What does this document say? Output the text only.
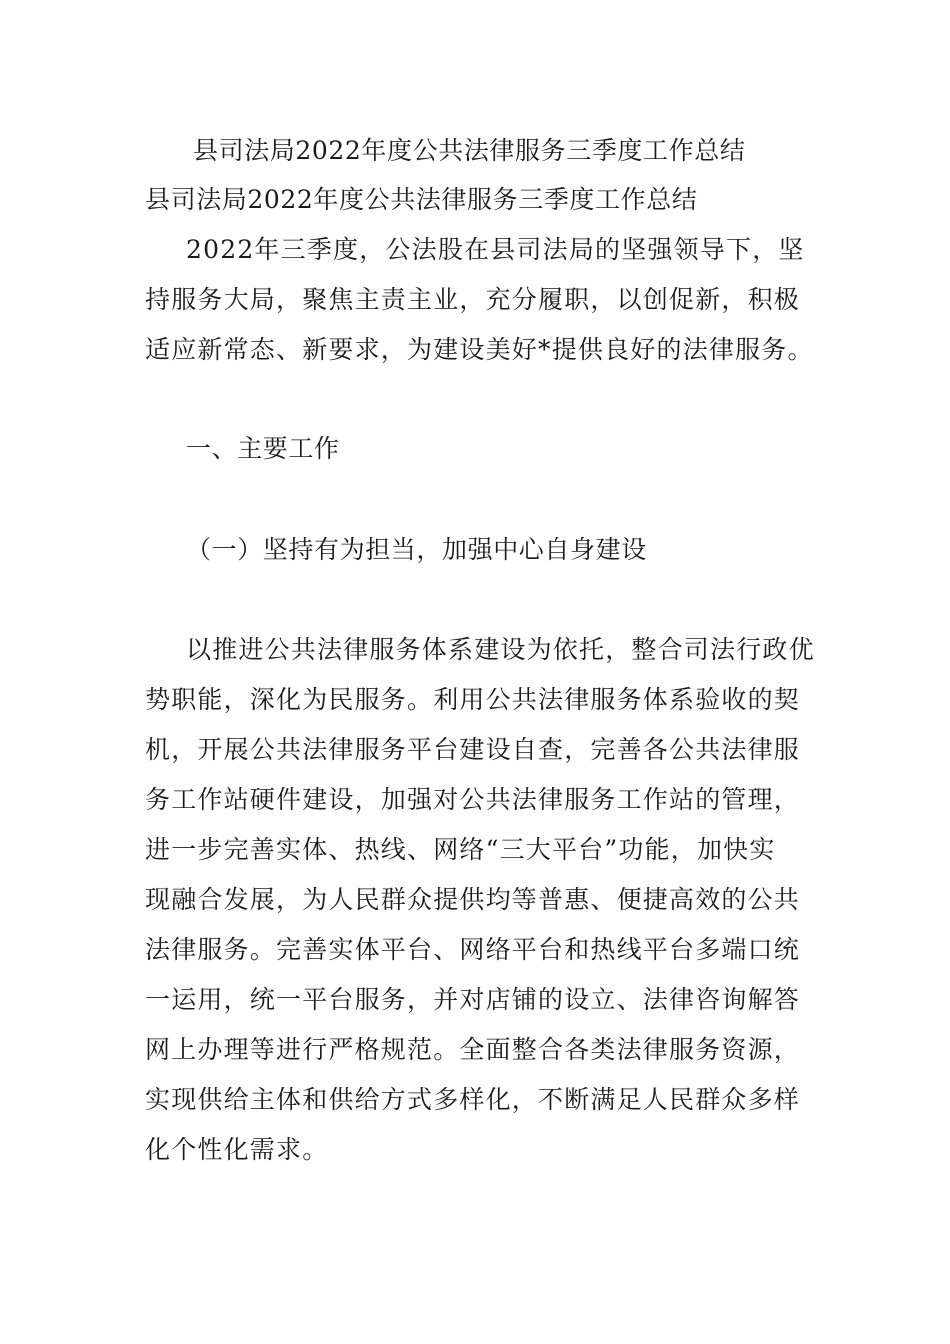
县司法局2022年度公共法律服务三季度工作总结
县司法局2022年度公共法律服务三季度工作总结
2022年三季度，公法股在县司法局的坚强领导下，坚
持服务大局，聚焦主责主业，充分履职，以创促新，积极
适应新常态、新要求，为建设美好*提供良好的法律服务。
一、主要工作
（一）坚持有为担当，加强中心自身建设
以推进公共法律服务体系建设为依托，整合司法行政优
势职能，深化为民服务。利用公共法律服务体系验收的契
机，开展公共法律服务平台建设自查，完善各公共法律服
务工作站硬件建设，加强对公共法律服务工作站的管理，
进一步完善实体、热线、网络“三大平台”功能，加快实
现融合发展，为人民群众提供均等普惠、便捷高效的公共
法律服务。完善实体平台、网络平台和热线平台多端口统
一运用，统一平台服务，并对店铺的设立、法律咨询解答
网上办理等进行严格规范。全面整合各类法律服务资源，
实现供给主体和供给方式多样化，不断满足人民群众多样
化个性化需求。
